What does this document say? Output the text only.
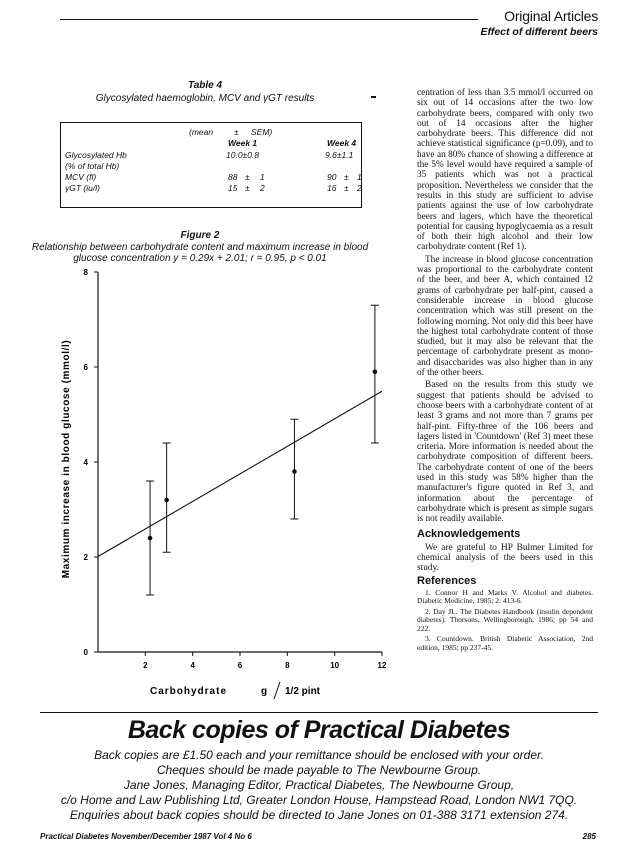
Original Articles
Effect of different beers
Table 4
Glycosylated haemoglobin, MCV and γGT results
(mean ± SEM)
Week 1	Week 4
Glycosylated Hb	10.0±0.8	9.6±1.1
(% of total Hb)
MCV (fl)	88 ± 1	90 ± 1
γGT (iu/l)	15 ± 2	16 ± 2
Figure 2
Relationship between carbohydrate content and maximum increase in blood
glucose concentration y = 0.29x + 2.01; r = 0.95, p < 0.01
0
2
4
6
8
2	4	6	8	10	12
Carbohydrate	g 1/2 pint
Maximum increase in blood glucose (mmol/l)

centration of less than 3.5 mmol/l occurred on six out of 14 occasions after the two low carbohydrate beers, compared with only two out of 14 occasions after the higher carbohydrate beers. This difference did not achieve statistical significance (p=0.09), and to have an 80% chance of showing a difference at the 5% level would have required a sample of 35 patients which was not a practical proposition. Nevertheless we consider that the results in this study are sufficient to advise patients against the use of low carbohydrate beers and lagers, which have the theoretical potential for causing hypoglycaemia as a result of both their high alcohol and their low carbohydrate content (Ref 1).

The increase in blood glucose concentration was proportional to the carbohydrate content of the beer, and beer A, which contained 12 grams of carbohydrate per half-pint, caused a considerable increase in blood glucose concentration which was still present on the following morning. Not only did this beer have the highest total carbohydrate content of those studied, but it may also be relevant that the percentage of carbohydrate present as mono- and disaccharides was also higher than in any of the other beers.

Based on the results from this study we suggest that patients should be advised to choose beers with a carbohydrate content of at least 3 grams and not more than 7 grams per half-pint. Fifty-three of the 106 beers and lagers listed in 'Countdown' (Ref 3) meet these criteria. More information is needed about the carbohydrate composition of different beers. The carbohydrate content of one of the beers used in this study was 58% higher than the manufacturer's figure quoted in Ref 3, and information about the percentage of carbohydrate which is present as simple sugars is not readily available.

Acknowledgements

We are grateful to HP Bulmer Limited for chemical analysis of the beers used in this study.

References

1. Connor H and Marks V. Alcohol and diabetes. Diabetic Medicine, 1985; 2: 413-6.

2. Day JL. The Diabetes Handbook (insulin dependent diabetes). Thorsons, Wellingborough, 1986; pp 54 and 222.

3. Countdown. British Diabetic Association, 2nd edition, 1985; pp 237-45.

Back copies of Practical Diabetes
Back copies are £1.50 each and your remittance should be enclosed with your order.
Cheques should be made payable to The Newbourne Group.
Jane Jones, Managing Editor, Practical Diabetes, The Newbourne Group,
c/o Home and Law Publishing Ltd, Greater London House, Hampstead Road, London NW1 7QQ.
Enquiries about back copies should be directed to Jane Jones on 01-388 3171 extension 274.
Practical Diabetes November/December 1987 Vol 4 No 6	285
